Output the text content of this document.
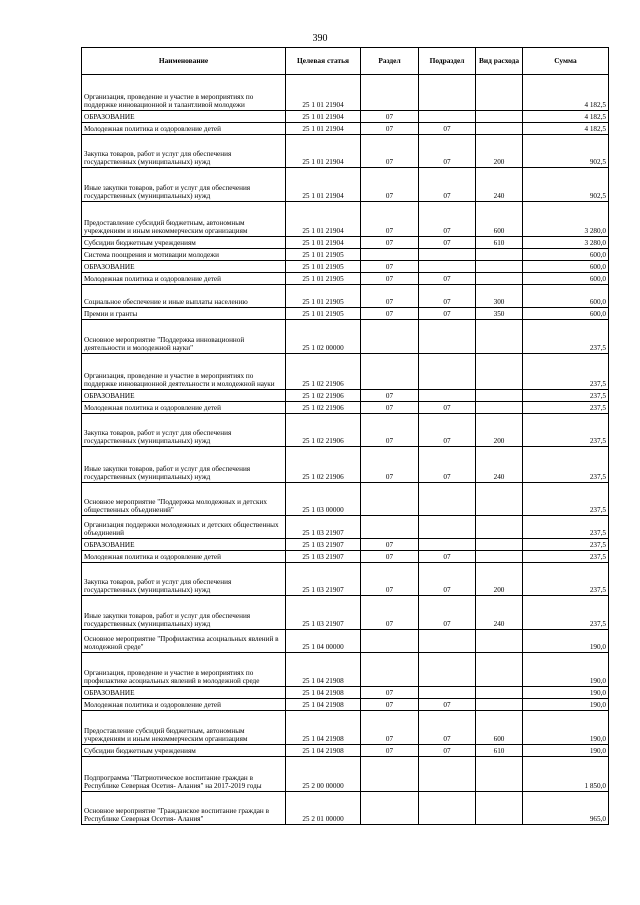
390
Наименование	Целевая статья	Раздел	Подраздел	Вид расхода	Сумма
Организация, проведение и участие в мероприятиях по поддержке инновационной и талантливой молодежи	25 1 01 21904				4 182,5
ОБРАЗОВАНИЕ	25 1 01 21904	07			4 182,5
Молодежная политика и оздоровление детей	25 1 01 21904	07	07		4 182,5
Закупка товаров, работ и услуг для обеспечения государственных (муниципальных) нужд	25 1 01 21904	07	07	200	902,5
Иные закупки товаров, работ и услуг для обеспечения государственных (муниципальных) нужд	25 1 01 21904	07	07	240	902,5
Предоставление субсидий бюджетным, автономным учреждениям и иным некоммерческим организациям	25 1 01 21904	07	07	600	3 280,0
Субсидии бюджетным учреждениям	25 1 01 21904	07	07	610	3 280,0
Система поощрения и мотивации молодежи	25 1 01 21905				600,0
ОБРАЗОВАНИЕ	25 1 01 21905	07			600,0
Молодежная политика и оздоровление детей	25 1 01 21905	07	07		600,0
Социальное обеспечение и иные выплаты населению	25 1 01 21905	07	07	300	600,0
Премии и гранты	25 1 01 21905	07	07	350	600,0
Основное мероприятие "Поддержка инновационной деятельности и молодежной науки"	25 1 02 00000				237,5
Организация, проведение и участие в мероприятиях по поддержке инновационной деятельности и молодежной науки	25 1 02 21906				237,5
ОБРАЗОВАНИЕ	25 1 02 21906	07			237,5
Молодежная политика и оздоровление детей	25 1 02 21906	07	07		237,5
Закупка товаров, работ и услуг для обеспечения государственных (муниципальных) нужд	25 1 02 21906	07	07	200	237,5
Иные закупки товаров, работ и услуг для обеспечения государственных (муниципальных) нужд	25 1 02 21906	07	07	240	237,5
Основное мероприятие "Поддержка молодежных и детских общественных объединений"	25 1 03 00000				237,5
Организация поддержки молодежных и детских общественных объединений	25 1 03 21907				237,5
ОБРАЗОВАНИЕ	25 1 03 21907	07			237,5
Молодежная политика и оздоровление детей	25 1 03 21907	07	07		237,5
Закупка товаров, работ и услуг для обеспечения государственных (муниципальных) нужд	25 1 03 21907	07	07	200	237,5
Иные закупки товаров, работ и услуг для обеспечения государственных (муниципальных) нужд	25 1 03 21907	07	07	240	237,5
Основное мероприятие "Профилактика асоциальных явлений в молодежной среде"	25 1 04 00000				190,0
Организация, проведение и участие в мероприятиях по профилактике асоциальных явлений в молодежной среде	25 1 04 21908				190,0
ОБРАЗОВАНИЕ	25 1 04 21908	07			190,0
Молодежная политика и оздоровление детей	25 1 04 21908	07	07		190,0
Предоставление субсидий бюджетным, автономным учреждениям и иным некоммерческим организациям	25 1 04 21908	07	07	600	190,0
Субсидии бюджетным учреждениям	25 1 04 21908	07	07	610	190,0
Подпрограмма "Патриотическое воспитание граждан в Республике Северная Осетия- Алания" на 2017-2019 годы	25 2 00 00000				1 850,0
Основное мероприятие "Гражданское воспитание граждан в Республике Северная Осетия- Алания"	25 2 01 00000				965,0
